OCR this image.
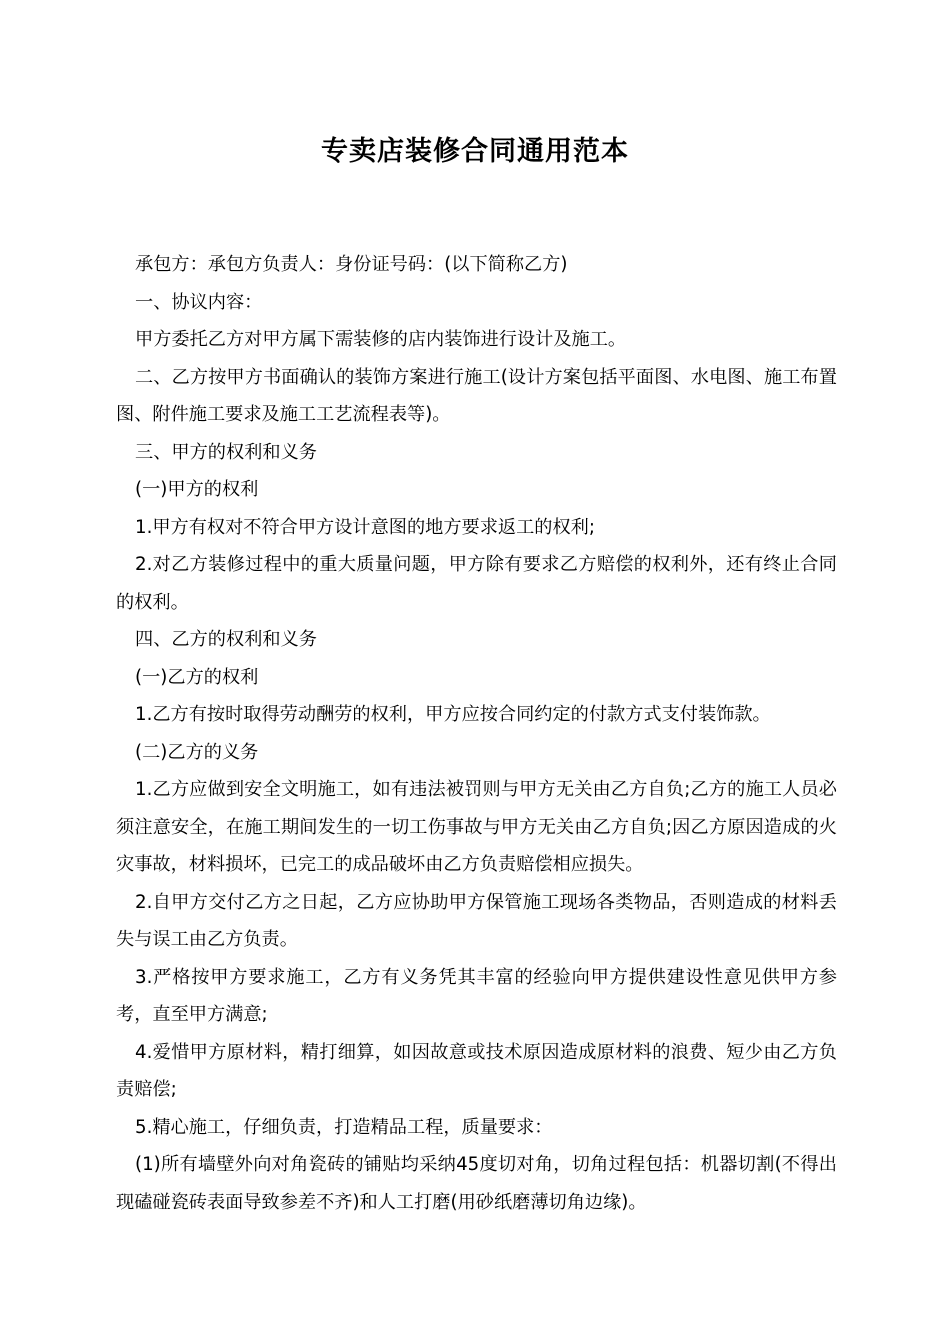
专卖店装修合同通用范本

承包方：承包方负责人：身份证号码：(以下简称乙方)

一、协议内容：

甲方委托乙方对甲方属下需装修的店内装饰进行设计及施工。

二、乙方按甲方书面确认的装饰方案进行施工(设计方案包括平面图、水电图、施工布置图、附件施工要求及施工工艺流程表等)。

三、甲方的权利和义务

(一)甲方的权利

1.甲方有权对不符合甲方设计意图的地方要求返工的权利;

2.对乙方装修过程中的重大质量问题，甲方除有要求乙方赔偿的权利外，还有终止合同的权利。

四、乙方的权利和义务

(一)乙方的权利

1.乙方有按时取得劳动酬劳的权利，甲方应按合同约定的付款方式支付装饰款。

(二)乙方的义务

1.乙方应做到安全文明施工，如有违法被罚则与甲方无关由乙方自负;乙方的施工人员必须注意安全，在施工期间发生的一切工伤事故与甲方无关由乙方自负;因乙方原因造成的火灾事故，材料损坏，已完工的成品破坏由乙方负责赔偿相应损失。

2.自甲方交付乙方之日起，乙方应协助甲方保管施工现场各类物品，否则造成的材料丢失与误工由乙方负责。

3.严格按甲方要求施工，乙方有义务凭其丰富的经验向甲方提供建设性意见供甲方参考，直至甲方满意;

4.爱惜甲方原材料，精打细算，如因故意或技术原因造成原材料的浪费、短少由乙方负责赔偿;

5.精心施工，仔细负责，打造精品工程，质量要求：

(1)所有墙壁外向对角瓷砖的铺贴均采纳45度切对角，切角过程包括：机器切割(不得出现磕碰瓷砖表面导致参差不齐)和人工打磨(用砂纸磨薄切角边缘)。
